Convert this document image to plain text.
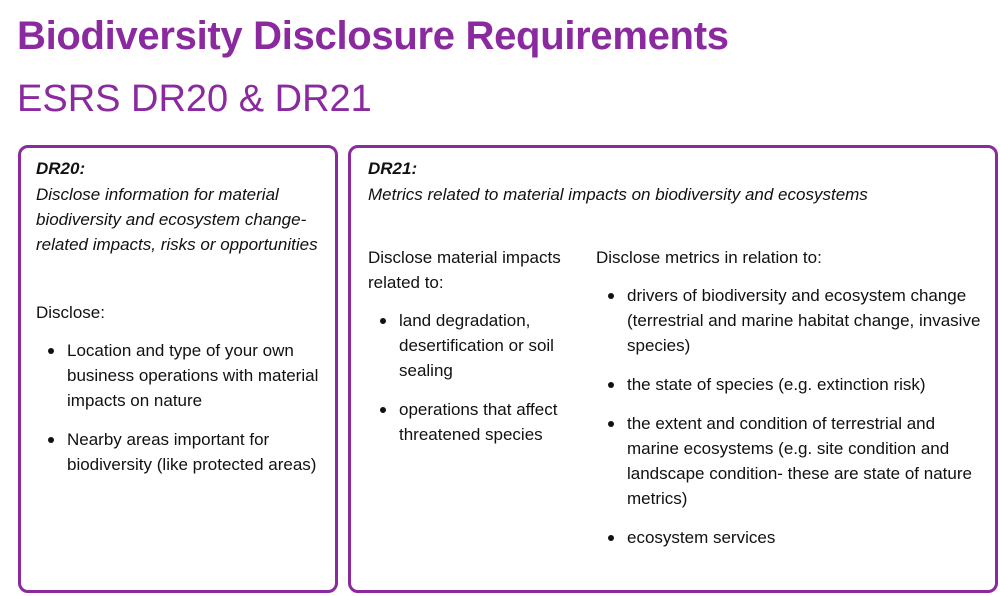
Biodiversity Disclosure Requirements
ESRS DR20 & DR21
DR20:
Disclose information for material biodiversity and ecosystem change-related impacts, risks or opportunities
Disclose:
Location and type of your own business operations with material impacts on nature
Nearby areas important for biodiversity (like protected areas)
DR21:
Metrics related to material impacts on biodiversity and ecosystems
Disclose material impacts related to:
land degradation, desertification or soil sealing
operations that affect threatened species
Disclose metrics in relation to:
drivers of biodiversity and ecosystem change (terrestrial and marine habitat change, invasive species)
the state of species (e.g. extinction risk)
the extent and condition of terrestrial and marine ecosystems (e.g. site condition and landscape condition- these are state of nature metrics)
ecosystem services
